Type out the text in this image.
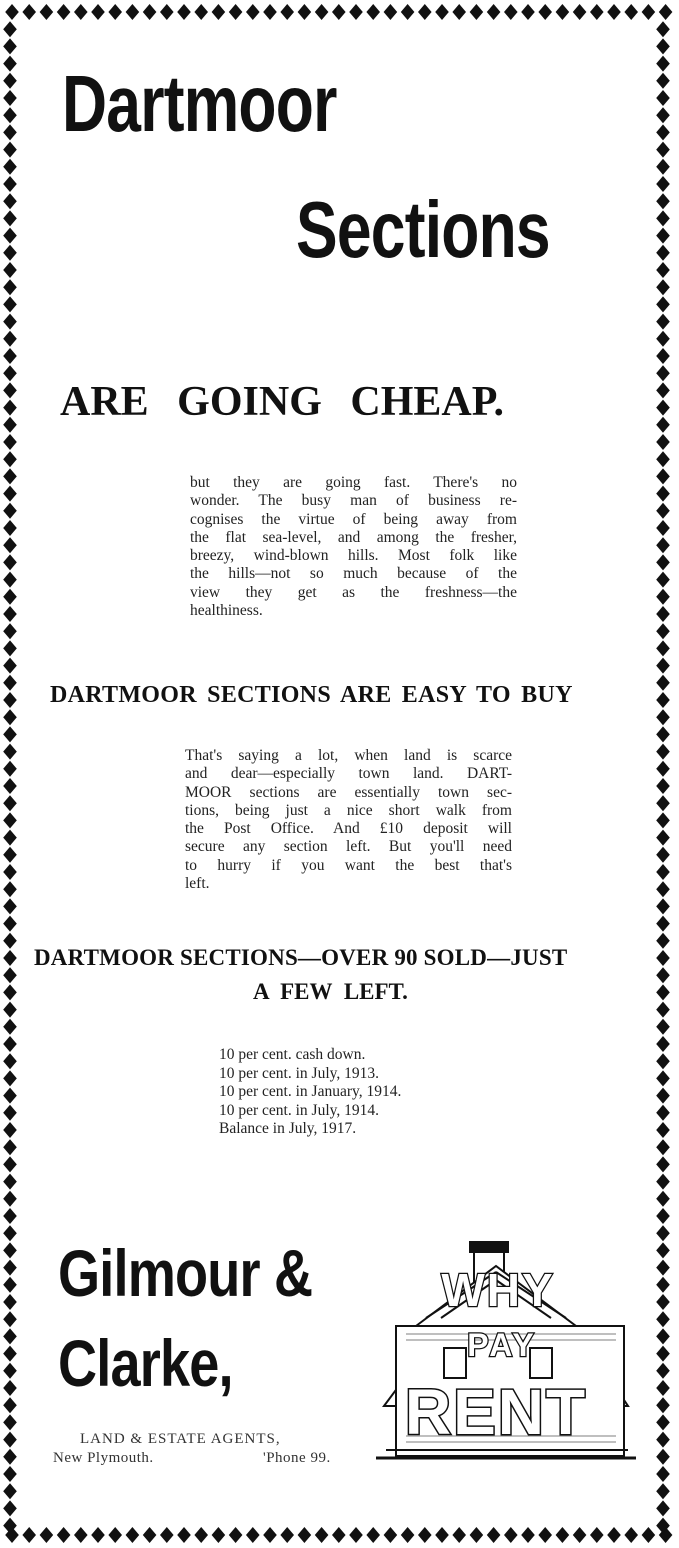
Dartmoor
Sections
ARE GOING CHEAP.
but they are going fast. There's no
wonder. The busy man of business re-
cognises the virtue of being away from
the flat sea-level, and among the fresher,
breezy, wind-blown hills. Most folk like
the hills—not so much because of the
view they get as the freshness—the
healthiness.
DARTMOOR SECTIONS ARE EASY TO BUY
That's saying a lot, when land is scarce
and dear—especially town land. DART-
MOOR sections are essentially town sec-
tions, being just a nice short walk from
the Post Office. And £10 deposit will
secure any section left. But you'll need
to hurry if you want the best that's
left.
DARTMOOR SECTIONS—OVER 90 SOLD—JUST
A FEW LEFT.
10 per cent. cash down.
10 per cent. in July, 1913.
10 per cent. in January, 1914.
10 per cent. in July, 1914.
Balance in July, 1917.
Gilmour &
Clarke,
LAND & ESTATE AGENTS,
New Plymouth.	'Phone 99.
WHY
PAY
RENT
